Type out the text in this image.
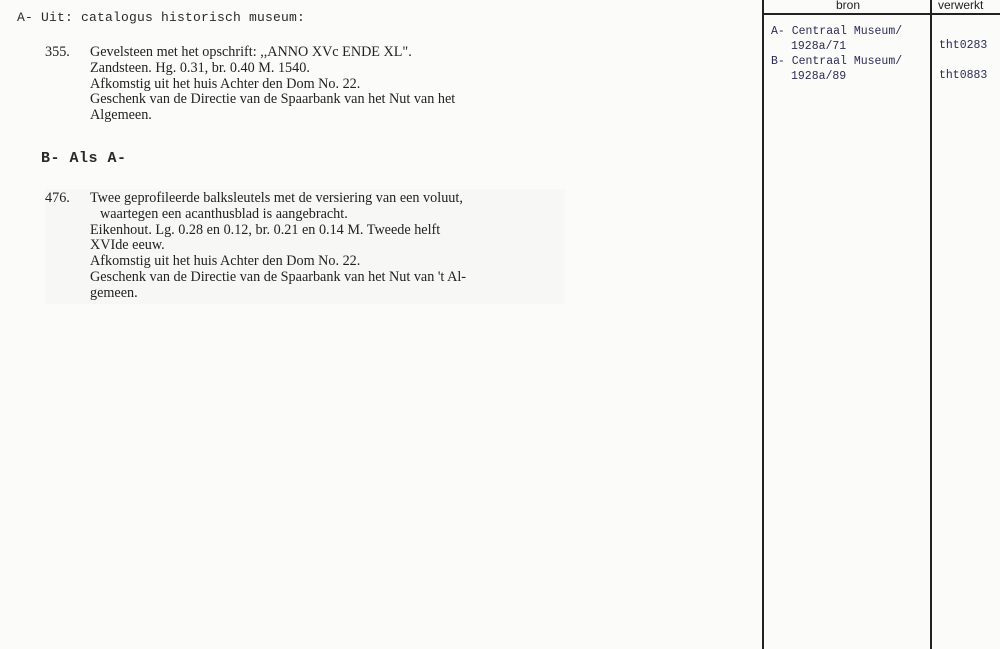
A- Uit: catalogus historisch museum:
355. Gevelsteen met het opschrift: ,,ANNO XVc ENDE XL".
Zandsteen. Hg. 0.31, br. 0.40 M. 1540.
Afkomstig uit het huis Achter den Dom No. 22.
Geschenk van de Directie van de Spaarbank van het Nut van het
Algemeen.
B- Als A-
476. Twee geprofileerde balksleutels met de versiering van een voluut,
waartegen een acanthusblad is aangebracht.
Eikenhout. Lg. 0.28 en 0.12, br. 0.21 en 0.14 M. Tweede helft
XVIde eeuw.
Afkomstig uit het huis Achter den Dom No. 22.
Geschenk van de Directie van de Spaarbank van het Nut van 't Al-
gemeen.
bron	verwerkt
A- Centraal Museum/
1928a/71
B- Centraal Museum/
1928a/89
tht0283
tht0883
